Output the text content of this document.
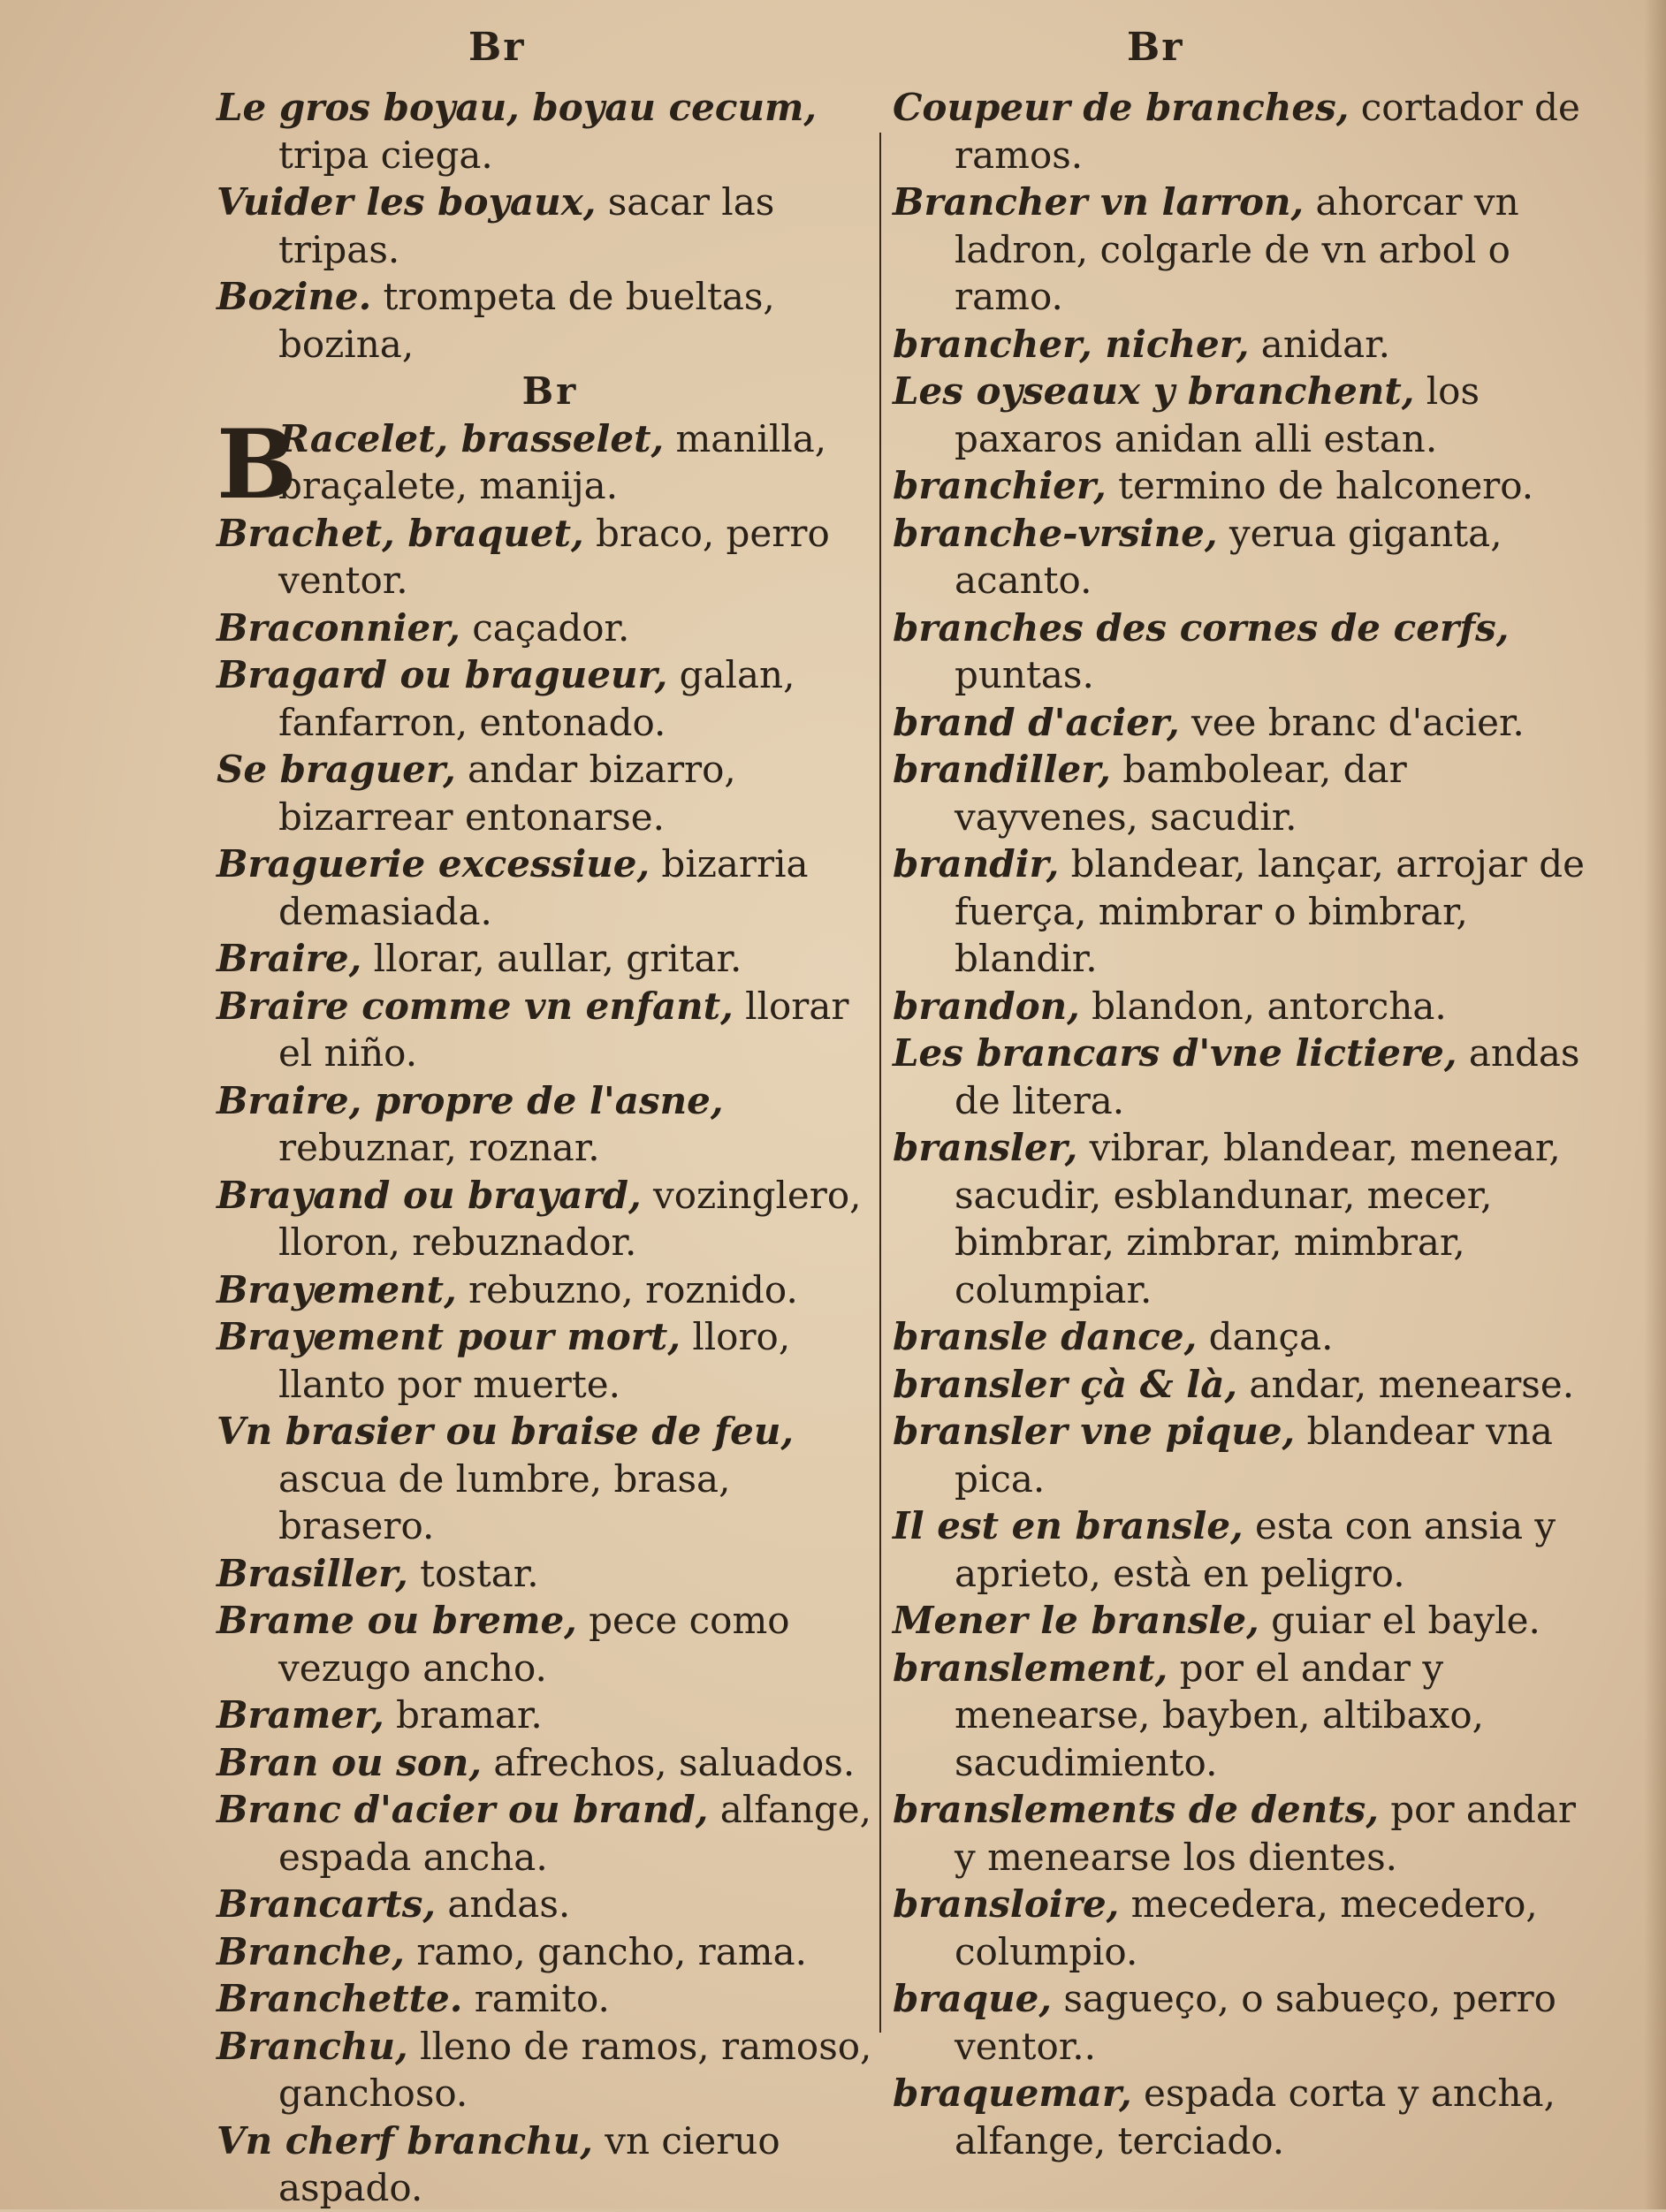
Br	Br

Le gros boyau, boyau cecum, tripa ciega.

Vuider les boyaux, sacar las tripas.

Bozine. trompeta de bueltas, bozina,

Br

B
Racelet, brasselet, manilla, braçalete, manija.

Brachet, braquet, braco, perro ventor.

Braconnier, caçador.

Bragard ou bragueur, galan, fanfarron, entonado.

Se braguer, andar bizarro, bizarrear entonarse.

Braguerie excessiue, bizarria demasiada.

Braire, llorar, aullar, gritar.

Braire comme vn enfant, llorar el niño.

Braire, propre de l'asne, rebuznar, roznar.

Brayand ou brayard, vozinglero, lloron, rebuznador.

Brayement, rebuzno, roznido.

Brayement pour mort, lloro, llanto por muerte.

Vn brasier ou braise de feu, ascua de lumbre, brasa, brasero.

Brasiller, tostar.

Brame ou breme, pece como vezugo ancho.

Bramer, bramar.

Bran ou son, afrechos, saluados.

Branc d'acier ou brand, alfange, espada ancha.

Brancarts, andas.

Branche, ramo, gancho, rama.

Branchette. ramito.

Branchu, lleno de ramos, ramoso, ganchoso.

Vn cherf branchu, vn cieruo aspado.

Coupeur de branches, cortador de ramos.

Brancher vn larron, ahorcar vn ladron, colgarle de vn arbol o ramo.

brancher, nicher, anidar.

Les oyseaux y branchent, los paxaros anidan alli estan.

branchier, termino de halconero.

branche-vrsine, yerua giganta, acanto.

branches des cornes de cerfs, puntas.

brand d'acier, vee branc d'acier.

brandiller, bambolear, dar vayvenes, sacudir.

brandir, blandear, lançar, arrojar de fuerça, mimbrar o bimbrar, blandir.

brandon, blandon, antorcha.

Les brancars d'vne lictiere, andas de litera.

bransler, vibrar, blandear, menear, sacudir, esblandunar, mecer, bimbrar, zimbrar, mimbrar, columpiar.

bransle dance, dança.

bransler çà & là, andar, menearse.

bransler vne pique, blandear vna pica.

Il est en bransle, esta con ansia y aprieto, està en peligro.

Mener le bransle, guiar el bayle.

branslement, por el andar y menearse, bayben, altibaxo, sacudimiento.

branslements de dents, por andar y menearse los dientes.

bransloire, mecedera, mecedero, columpio.

braque, sagueço, o sabueço, perro ventor..

braquemar, espada corta y ancha, alfange, terciado.
